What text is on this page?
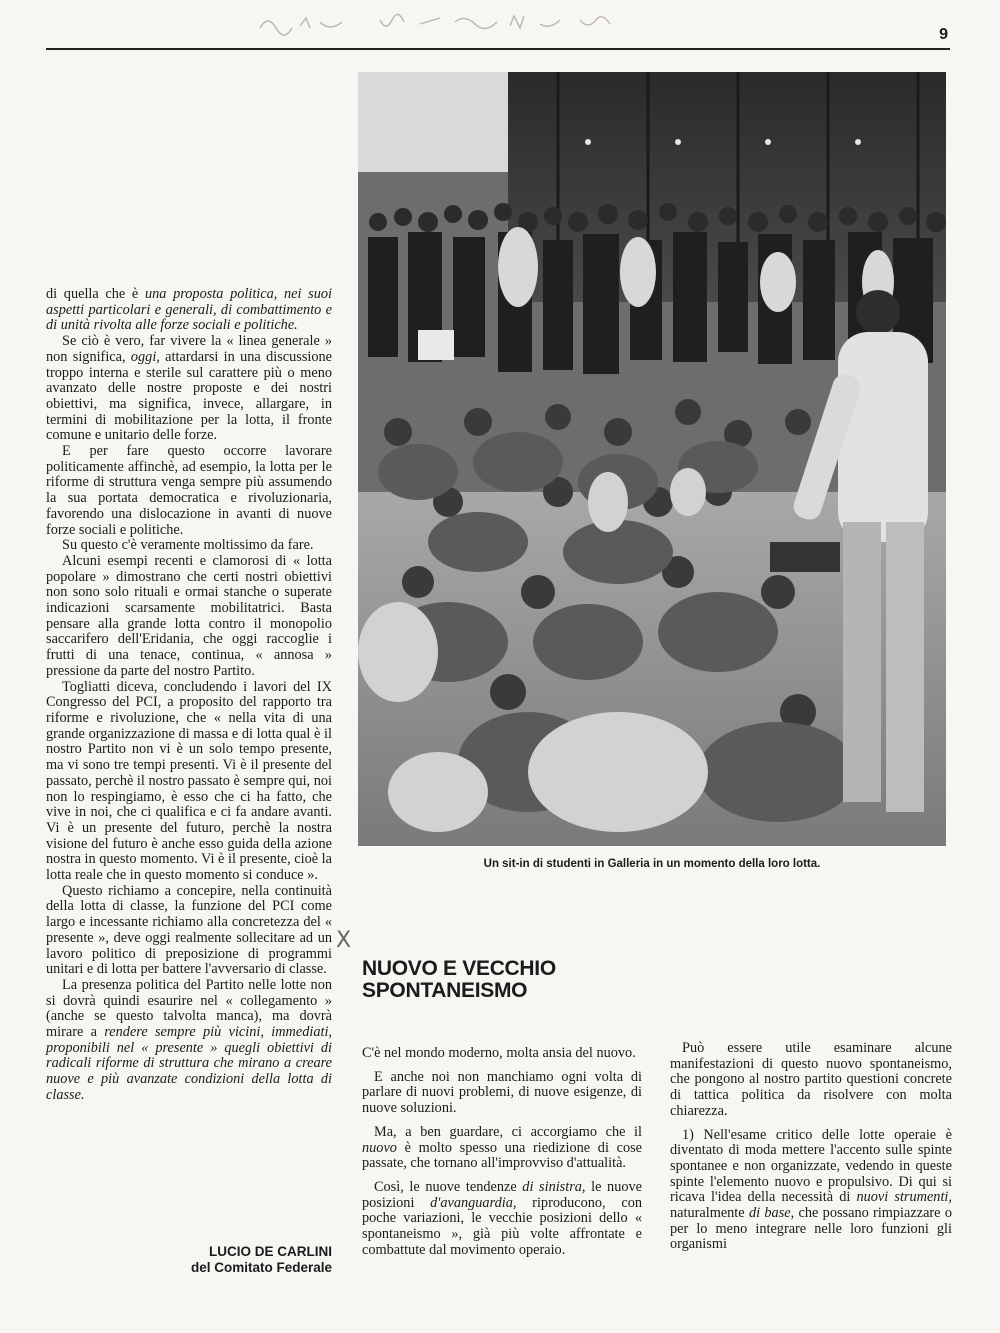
9

di quella che è una proposta politica, nei suoi aspetti particolari e generali, di combattimento e di unità rivolta alle forze sociali e politiche.

Se ciò è vero, far vivere la « linea generale » non significa, oggi, attardarsi in una discussione troppo interna e sterile sul carattere più o meno avanzato delle nostre proposte e dei nostri obiettivi, ma significa, invece, allargare, in termini di mobilitazione per la lotta, il fronte comune e unitario delle forze.

E per fare questo occorre lavorare politicamente affinchè, ad esempio, la lotta per le riforme di struttura venga sempre più assumendo la sua portata democratica e rivoluzionaria, favorendo una dislocazione in avanti di nuove forze sociali e politiche.

Su questo c'è veramente moltissimo da fare.

Alcuni esempi recenti e clamorosi di « lotta popolare » dimostrano che certi nostri obiettivi non sono solo rituali e ormai stanche o superate indicazioni scarsamente mobilitatrici. Basta pensare alla grande lotta contro il monopolio saccarifero dell'Eridania, che oggi raccoglie i frutti di una tenace, continua, « annosa » pressione da parte del nostro Partito.

Togliatti diceva, concludendo i lavori del IX Congresso del PCI, a proposito del rapporto tra riforme e rivoluzione, che « nella vita di una grande organizzazione di massa e di lotta qual è il nostro Partito non vi è un solo tempo presente, ma vi sono tre tempi presenti. Vi è il presente del passato, perchè il nostro passato è sempre qui, noi non lo respingiamo, è esso che ci ha fatto, che vive in noi, che ci qualifica e ci fa andare avanti. Vi è un presente del futuro, perchè la nostra visione del futuro è anche esso guida della azione nostra in questo momento. Vi è il presente, cioè la lotta reale che in questo momento si conduce ».

Questo richiamo a concepire, nella continuità della lotta di classe, la funzione del PCI come largo e incessante richiamo alla concretezza del « presente », deve oggi realmente sollecitare ad un lavoro politico di preposizione di programmi unitari e di lotta per battere l'avversario di classe.

La presenza politica del Partito nelle lotte non si dovrà quindi esaurire nel « collegamento » (anche se questo talvolta manca), ma dovrà mirare a rendere sempre più vicini, immediati, proponibili nel « presente » quegli obiettivi di radicali riforme di struttura che mirano a creare nuove e più avanzate condizioni della lotta di classe.

LUCIO DE CARLINI
del Comitato Federale
Un sit-in di studenti in Galleria in un momento della loro lotta.
X
NUOVO E VECCHIO
SPONTANEISMO

C'è nel mondo moderno, molta ansia del nuovo.

E anche noi non manchiamo ogni volta di parlare di nuovi problemi, di nuove esigenze, di nuove soluzioni.

Ma, a ben guardare, ci accorgiamo che il nuovo è molto spesso una riedizione di cose passate, che tornano all'improvviso d'attualità.

Così, le nuove tendenze di sinistra, le nuove posizioni d'avanguardia, riproducono, con poche variazioni, le vecchie posizioni dello « spontaneismo », già più volte affrontate e combattute dal movimento operaio.

Può essere utile esaminare alcune manifestazioni di questo nuovo spontaneismo, che pongono al nostro partito questioni concrete di tattica politica da risolvere con molta chiarezza.

1) Nell'esame critico delle lotte operaie è diventato di moda mettere l'accento sulle spinte spontanee e non organizzate, vedendo in queste spinte l'elemento nuovo e propulsivo. Di qui si ricava l'idea della necessità di nuovi strumenti, naturalmente di base, che possano rimpiazzare o per lo meno integrare nelle loro funzioni gli organismi
